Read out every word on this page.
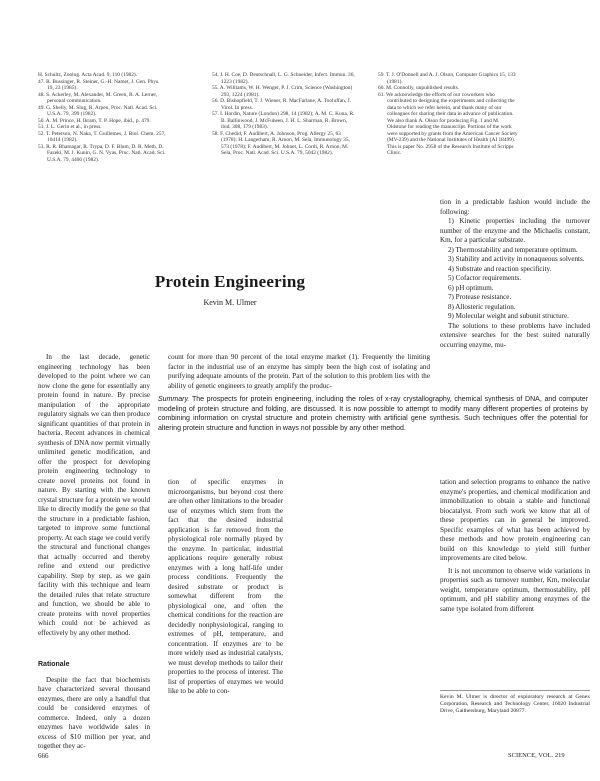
H. Schultz, Zoolog. Acta Acad. 9, 110 (1982).
47. R. Bussinger, R. Steiner, G.-H. Namet, J. Gen. Phys. 19, 23 (1985).
48. S. Ackerley, M. Alexander, M. Green, R. A. Lerner, personal communication.
49. G. Shelly, M. Slug, R. Arpen, Proc. Natl. Acad. Sci. U.S.A. 79, 399 (1982).
50. A. M. Prince, H. Ikram, T. P. Hope, ibid., p. 479.
51. J. L. Gerin et al., in press.
52. T. Peterson, N. Naka, T. Guillemes, J. Biol. Chem. 257, 10414 (1982).
53. R. R. Bhatnagar, R. Trypa, D. F. Blum, D. R. Meth, D. Fazeki, M. J. Kunin, G. N. Vyas, Proc. Natl. Acad. Sci. U.S.A. 79, 4400 (1982).
54. J. H. Coe, D. Deutschnall, L. G. Schneider, Infect. Immun. 36, 1223 (1982).
55. A. Williams, W. H. Wenger, P. J. Crim, Science (Washington) 293, 1224 (1981).
56. D. Bishopfield, T. J. Wiener, R. MacFarlane, A. Tooluffan, J. Virol. In press.
57. I. Hordin, Nature (London) 298, 14 (1982); A. M. C. Kuna, R. B. Ballinwood, J. McFuheen, J. H. L. Sharman, R. Brown, ibid. 308, 179 (1983).
58. F. Chedid, F. Audibert, A. Johnson, Prog. Allergy 25, 63 (1978); H. Langerham, R. Arnon, M. Sela, Immunology 35, 573 (1978); F. Audibert, M. Johnet, L. Cordi, R. Arnon, M. Sela, Proc. Natl. Acad. Sci. U.S.A. 79, 5042 (1982).
59. T. J. O'Donnell and A. J. Olson, Computer Graphics 15, 133 (1981).
60. M. Connolly, unpublished results.
61. We acknowledge the efforts of our coworkers who contributed to designing the experiments and collecting the data to which we refer herein, and thank many of our colleagues for sharing their data in advance of publication. We also thank A. Olson for producing Fig. 1 and M. Oldstone for reading the manuscript. Portions of the work were supported by grants from the American Cancer Society (MV-239) and the National Institutes of Health (AI 18499). This is paper No. 2958 of the Research Institute of Scripps Clinic.

tion in a predictable fashion would include the following:

1) Kinetic properties including the turnover number of the enzyme and the Michaelis constant, Km, for a particular substrate.

2) Thermostability and temperature optimum.

3) Stability and activity in nonaqueous solvents.

4) Substrate and reaction specificity.

5) Cofactor requirements.

6) pH optimum.

7) Protease resistance.

8) Allosteric regulation.

9) Molecular weight and subunit structure.

The solutions to these problems have included extensive searches for the best suited naturally occurring enzyme, mu-

Protein Engineering
Kevin M. Ulmer

In the last decade, genetic engineering technology has been developed to the point where we can now clone the gene for essentially any protein found in nature. By precise manipulation of the appropriate regulatory signals we can then produce significant quantities of that protein in bacteria. Recent advances in chemical synthesis of DNA now permit virtually unlimited genetic modification, and offer the prospect for developing protein engineering technology to create novel proteins not found in nature. By starting with the known crystal structure for a protein we would like to directly modify the gene so that the structure in a predictable fashion, targeted to improve some functional property. At each stage we could verify the structural and functional changes that actually occurred and thereby refine and extend our predictive capability. Step by step, as we gain facility with this technique and learn the detailed rules that relate structure and function, we should be able to create proteins with novel properties which could not be achieved as effectively by any other method.

Rationale

Despite the fact that biochemists have characterized several thousand enzymes, there are only a handful that could be considered enzymes of commerce. Indeed, only a dozen enzymes have worldwide sales in excess of $10 million per year, and together they ac-

count for more than 90 percent of the total enzyme market (1). Frequently the limiting factor in the industrial use of an enzyme has simply been the high cost of isolating and purifying adequate amounts of the protein. Part of the solution to this problem lies with the ability of genetic engineers to greatly amplify the produc-

Summary. The prospects for protein engineering, including the roles of x-ray crystallography, chemical synthesis of DNA, and computer modeling of protein structure and folding, are discussed. It is now possible to attempt to modify many different properties of proteins by combining information on crystal structure and protein chemistry with artificial gene synthesis. Such techniques offer the potential for altering protein structure and function in ways not possible by any other method.

tion of specific enzymes in microorganisms, but beyond cost there are often other limitations to the broader use of enzymes which stem from the fact that the desired industrial application is far removed from the physiological role normally played by the enzyme. In particular, industrial applications require generally robust enzymes with a long half-life under process conditions. Frequently the desired substrate or product is somewhat different from the physiological one, and often the chemical conditions for the reaction are decidedly nonphysiological, ranging to extremes of pH, temperature, and concentration. If enzymes are to be more widely used as industrial catalysts, we must develop methods to tailor their properties to the process of interest. The list of properties of enzymes we would like to be able to con-

tation and selection programs to enhance the native enzyme's properties, and chemical modification and immobilization to obtain a stable and functional biocatalyst. From such work we know that all of these properties can in general be improved. Specific examples of what has been achieved by these methods and how protein engineering can build on this knowledge to yield still further improvements are cited below.

It is not uncommon to observe wide variations in properties such as turnover number, Km, molecular weight, temperature optimum, thermostability, pH optimum, and pH stability among enzymes of the same type isolated from different

Kevin M. Ulmer is director of exploratory research at Genex Corporation, Research and Technology Center, 16020 Industrial Drive, Gaithersburg, Maryland 20877.
666	SCIENCE, VOL. 219
